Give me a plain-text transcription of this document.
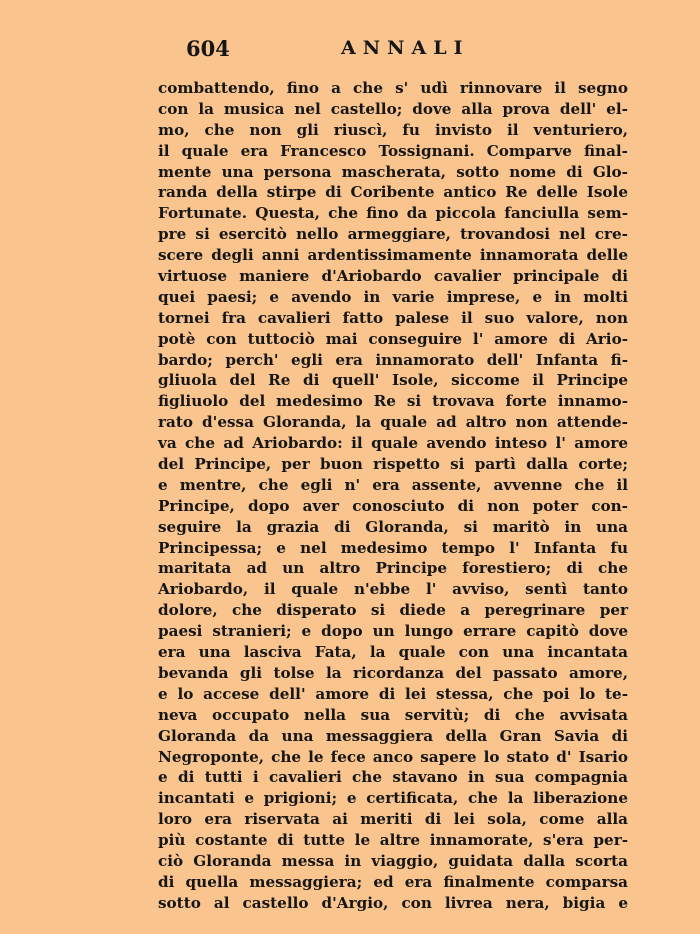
604	ANNALI
combattendo, fino a che s' udì rinnovare il segno
con la musica nel castello; dove alla prova dell' el-
mo, che non gli riuscì, fu invisto il venturiero,
il quale era Francesco Tossignani. Comparve final-
mente una persona mascherata, sotto nome di Glo-
randa della stirpe di Coribente antico Re delle Isole
Fortunate. Questa, che fino da piccola fanciulla sem-
pre si esercitò nello armeggiare, trovandosi nel cre-
scere degli anni ardentissimamente innamorata delle
virtuose maniere d'Ariobardo cavalier principale di
quei paesi; e avendo in varie imprese, e in molti
tornei fra cavalieri fatto palese il suo valore, non
potè con tuttociò mai conseguire l' amore di Ario-
bardo; perch' egli era innamorato dell' Infanta fi-
gliuola del Re di quell' Isole, siccome il Principe
figliuolo del medesimo Re si trovava forte innamo-
rato d'essa Gloranda, la quale ad altro non attende-
va che ad Ariobardo: il quale avendo inteso l' amore
del Principe, per buon rispetto si partì dalla corte;
e mentre, che egli n' era assente, avvenne che il
Principe, dopo aver conosciuto di non poter con-
seguire la grazia di Gloranda, si maritò in una
Principessa; e nel medesimo tempo l' Infanta fu
maritata ad un altro Principe forestiero; di che
Ariobardo, il quale n'ebbe l' avviso, sentì tanto
dolore, che disperato si diede a peregrinare per
paesi stranieri; e dopo un lungo errare capitò dove
era una lasciva Fata, la quale con una incantata
bevanda gli tolse la ricordanza del passato amore,
e lo accese dell' amore di lei stessa, che poi lo te-
neva occupato nella sua servitù; di che avvisata
Gloranda da una messaggiera della Gran Savia di
Negroponte, che le fece anco sapere lo stato d' Isario
e di tutti i cavalieri che stavano in sua compagnia
incantati e prigioni; e certificata, che la liberazione
loro era riservata ai meriti di lei sola, come alla
più costante di tutte le altre innamorate, s'era per-
ciò Gloranda messa in viaggio, guidata dalla scorta
di quella messaggiera; ed era finalmente comparsa
sotto al castello d'Argio, con livrea nera, bigia e
